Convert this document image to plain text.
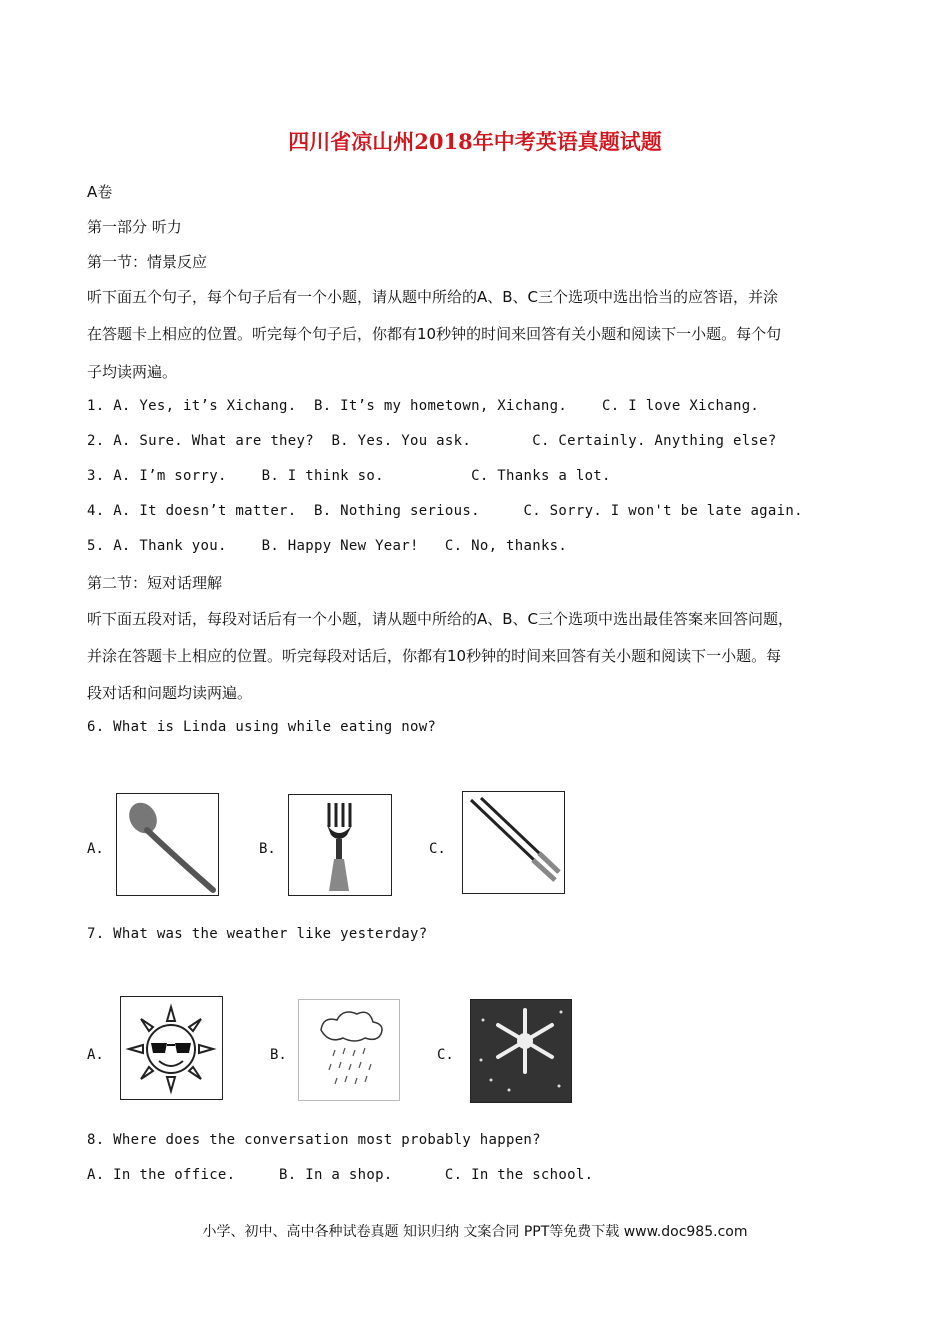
四川省凉山州2018年中考英语真题试题
A卷
第一部分 听力
第一节：情景反应
听下面五个句子，每个句子后有一个小题，请从题中所给的A、B、C三个选项中选出恰当的应答语，并涂
在答题卡上相应的位置。听完每个句子后，你都有10秒钟的时间来回答有关小题和阅读下一小题。每个句
子均读两遍。
1. A. Yes, it’s Xichang. B. It’s my hometown, Xichang. C. I love Xichang.
2. A. Sure. What are they? B. Yes. You ask.	C. Certainly. Anything else?
3. A. I’m sorry. B. I think so.	C. Thanks a lot.
4. A. It doesn’t matter. B. Nothing serious.	C. Sorry. I won't be late again.
5. A. Thank you. B. Happy New Year! C. No, thanks.
第二节：短对话理解
听下面五段对话，每段对话后有一个小题，请从题中所给的A、B、C三个选项中选出最佳答案来回答问题，
并涂在答题卡上相应的位置。听完每段对话后，你都有10秒钟的时间来回答有关小题和阅读下一小题。每
段对话和问题均读两遍。
6. What is Linda using while eating now?
A.	B.	C.
7. What was the weather like yesterday?
A.	B.	C.
8. Where does the conversation most probably happen?
A. In the office.	B. In a shop.	C. In the school.
小学、初中、高中各种试卷真题 知识归纳 文案合同 PPT等免费下载 www.doc985.com
